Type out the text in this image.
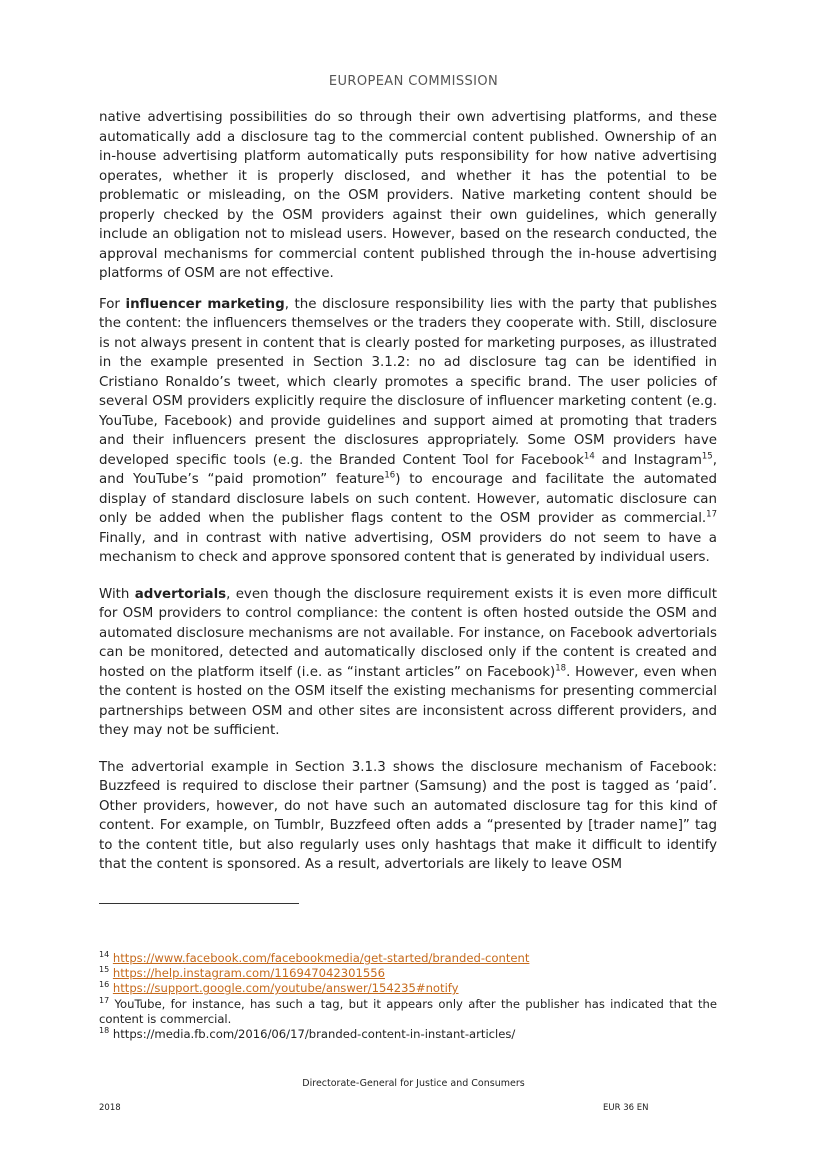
EUROPEAN COMMISSION

native advertising possibilities do so through their own advertising platforms, and these automatically add a disclosure tag to the commercial content published. Ownership of an in-house advertising platform automatically puts responsibility for how native advertising operates, whether it is properly disclosed, and whether it has the potential to be problematic or misleading, on the OSM providers. Native marketing content should be properly checked by the OSM providers against their own guidelines, which generally include an obligation not to mislead users. However, based on the research conducted, the approval mechanisms for commercial content published through the in-house advertising platforms of OSM are not effective.

For influencer marketing, the disclosure responsibility lies with the party that publishes the content: the influencers themselves or the traders they cooperate with. Still, disclosure is not always present in content that is clearly posted for marketing purposes, as illustrated in the example presented in Section 3.1.2: no ad disclosure tag can be identified in Cristiano Ronaldo’s tweet, which clearly promotes a specific brand. The user policies of several OSM providers explicitly require the disclosure of influencer marketing content (e.g. YouTube, Facebook) and provide guidelines and support aimed at promoting that traders and their influencers present the disclosures appropriately. Some OSM providers have developed specific tools (e.g. the Branded Content Tool for Facebook$^{14}$ and Instagram$^{15}$, and YouTube’s “paid promotion” feature$^{16}$) to encourage and facilitate the automated display of standard disclosure labels on such content. However, automatic disclosure can only be added when the publisher flags content to the OSM provider as commercial.$^{17}$ Finally, and in contrast with native advertising, OSM providers do not seem to have a mechanism to check and approve sponsored content that is generated by individual users.

With advertorials, even though the disclosure requirement exists it is even more difficult for OSM providers to control compliance: the content is often hosted outside the OSM and automated disclosure mechanisms are not available. For instance, on Facebook advertorials can be monitored, detected and automatically disclosed only if the content is created and hosted on the platform itself (i.e. as “instant articles” on Facebook)$^{18}$. However, even when the content is hosted on the OSM itself the existing mechanisms for presenting commercial partnerships between OSM and other sites are inconsistent across different providers, and they may not be sufficient.

The advertorial example in Section 3.1.3 shows the disclosure mechanism of Facebook: Buzzfeed is required to disclose their partner (Samsung) and the post is tagged as ‘paid’. Other providers, however, do not have such an automated disclosure tag for this kind of content. For example, on Tumblr, Buzzfeed often adds a “presented by [trader name]” tag to the content title, but also regularly uses only hashtags that make it difficult to identify that the content is sponsored. As a result, advertorials are likely to leave OSM

$^{14}$ https://www.facebook.com/facebookmedia/get-started/branded-content

$^{15}$ https://help.instagram.com/116947042301556

$^{16}$ https://support.google.com/youtube/answer/154235#notify

$^{17}$ YouTube, for instance, has such a tag, but it appears only after the publisher has indicated that the content is commercial.

$^{18}$ https://media.fb.com/2016/06/17/branded-content-in-instant-articles/

Directorate-General for Justice and Consumers
2018	EUR 36 EN
